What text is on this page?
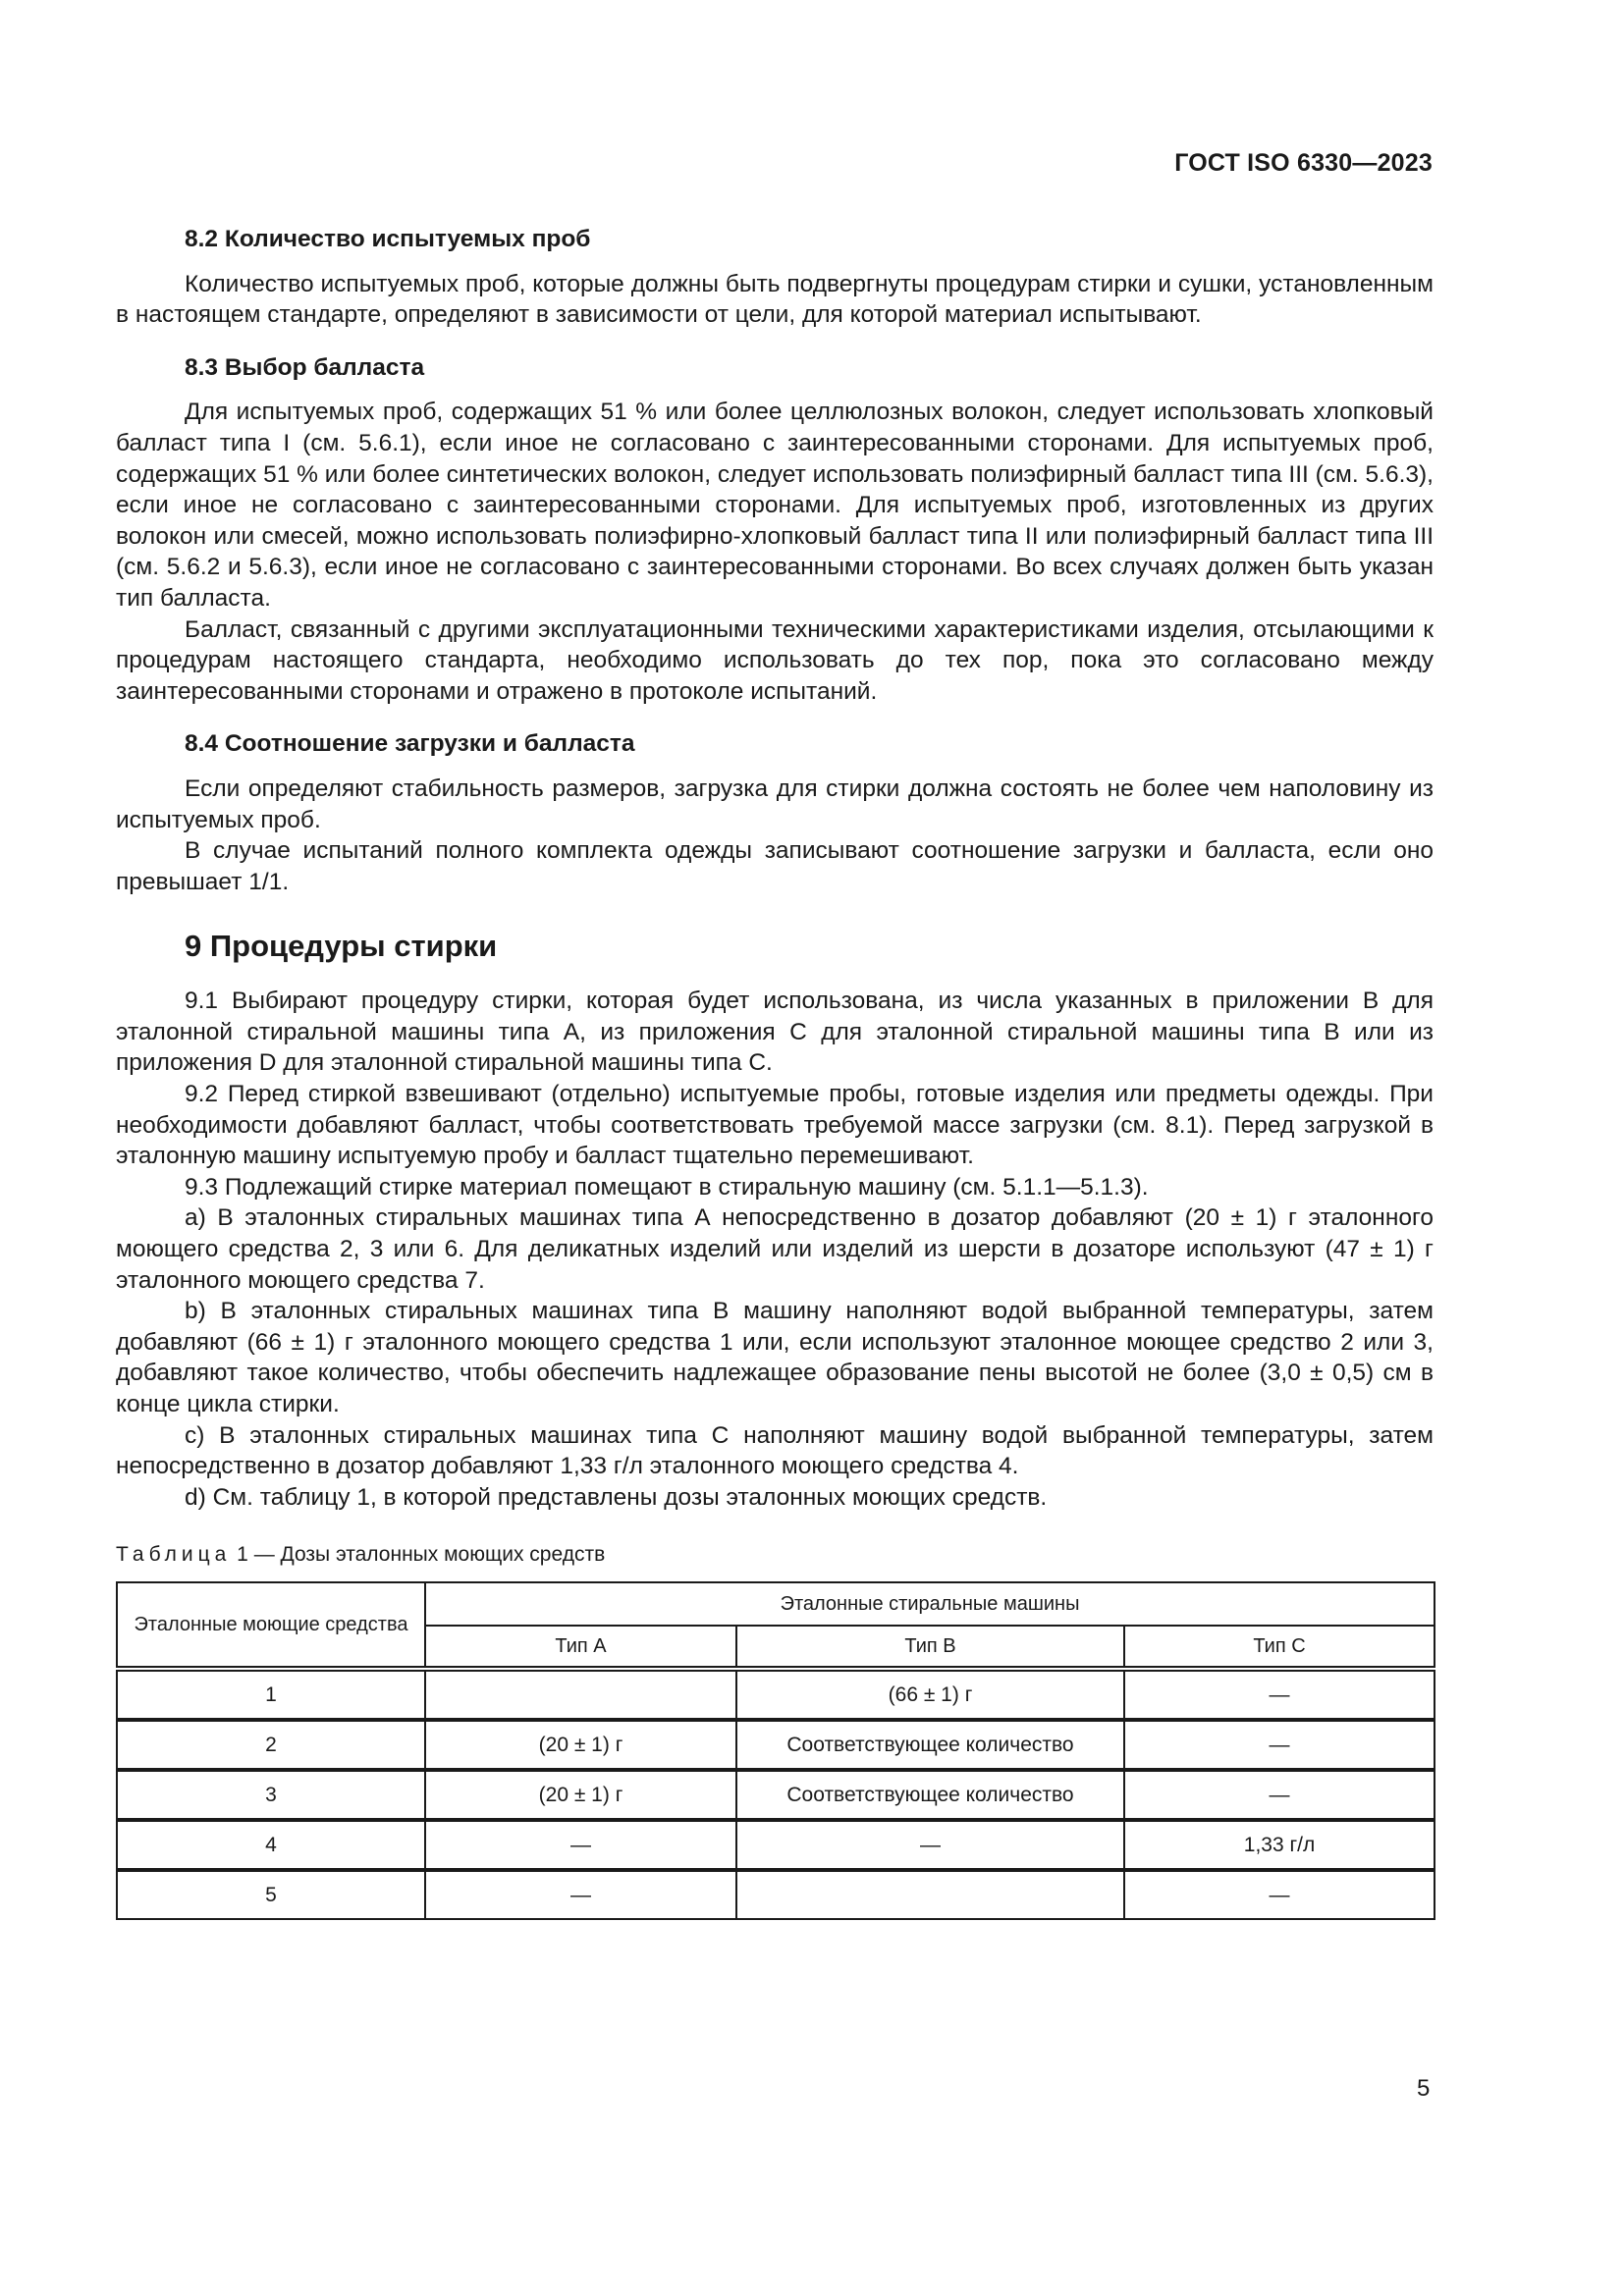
ГОСТ ISO 6330—2023
8.2 Количество испытуемых проб

Количество испытуемых проб, которые должны быть подвергнуты процедурам стирки и сушки, установленным в настоящем стандарте, определяют в зависимости от цели, для которой материал испытывают.

8.3 Выбор балласта

Для испытуемых проб, содержащих 51 % или более целлюлозных волокон, следует использовать хлопковый балласт типа I (см. 5.6.1), если иное не согласовано с заинтересованными сторонами. Для испытуемых проб, содержащих 51 % или более синтетических волокон, следует использовать полиэфирный балласт типа III (см. 5.6.3), если иное не согласовано с заинтересованными сторонами. Для испытуемых проб, изготовленных из других волокон или смесей, можно использовать полиэфирно-хлопковый балласт типа II или полиэфирный балласт типа III (см. 5.6.2 и 5.6.3), если иное не согласовано с заинтересованными сторонами. Во всех случаях должен быть указан тип балласта.

Балласт, связанный с другими эксплуатационными техническими характеристиками изделия, отсылающими к процедурам настоящего стандарта, необходимо использовать до тех пор, пока это согласовано между заинтересованными сторонами и отражено в протоколе испытаний.

8.4 Соотношение загрузки и балласта

Если определяют стабильность размеров, загрузка для стирки должна состоять не более чем наполовину из испытуемых проб.

В случае испытаний полного комплекта одежды записывают соотношение загрузки и балласта, если оно превышает 1/1.

9 Процедуры стирки

9.1 Выбирают процедуру стирки, которая будет использована, из числа указанных в приложении В для эталонной стиральной машины типа А, из приложения С для эталонной стиральной машины типа В или из приложения D для эталонной стиральной машины типа С.

9.2 Перед стиркой взвешивают (отдельно) испытуемые пробы, готовые изделия или предметы одежды. При необходимости добавляют балласт, чтобы соответствовать требуемой массе загрузки (см. 8.1). Перед загрузкой в эталонную машину испытуемую пробу и балласт тщательно перемешивают.

9.3 Подлежащий стирке материал помещают в стиральную машину (см. 5.1.1—5.1.3).

a) В эталонных стиральных машинах типа А непосредственно в дозатор добавляют (20 ± 1) г эталонного моющего средства 2, 3 или 6. Для деликатных изделий или изделий из шерсти в дозаторе используют (47 ± 1) г эталонного моющего средства 7.

b) В эталонных стиральных машинах типа В машину наполняют водой выбранной температуры, затем добавляют (66 ± 1) г эталонного моющего средства 1 или, если используют эталонное моющее средство 2 или 3, добавляют такое количество, чтобы обеспечить надлежащее образование пены высотой не более (3,0 ± 0,5) см в конце цикла стирки.

c) В эталонных стиральных машинах типа С наполняют машину водой выбранной температуры, затем непосредственно в дозатор добавляют 1,33 г/л эталонного моющего средства 4.

d) См. таблицу 1, в которой представлены дозы эталонных моющих средств.

Таблица 1 — Дозы эталонных моющих средств
Эталонные моющие средства	Эталонные стиральные машины		
	Тип А	Тип В	Тип С
1		(66 ± 1) г	—
2	(20 ± 1) г	Соответствующее количество	—
3	(20 ± 1) г	Соответствующее количество	—
4	—	—	1,33 г/л
5	—		—
5
